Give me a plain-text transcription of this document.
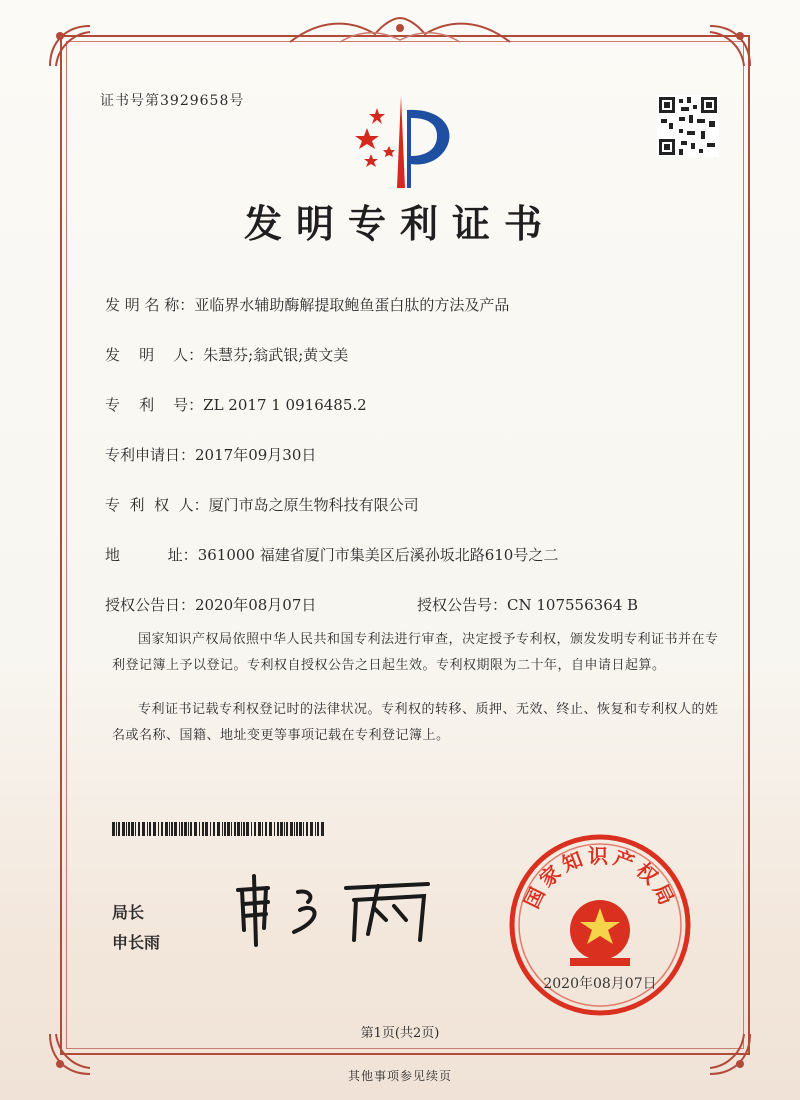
证书号第3929658号
发明专利证书
发 明 名 称：亚临界水辅助酶解提取鲍鱼蛋白肽的方法及产品
发    明    人：朱慧芬;翁武银;黄文美
专    利    号：ZL 2017 1 0916485.2
专利申请日：2017年09月30日
专  利  权  人：厦门市岛之原生物科技有限公司
地          址：361000 福建省厦门市集美区后溪孙坂北路610号之二
授权公告日：2020年08月07日	授权公告号：CN 107556364 B
国家知识产权局依照中华人民共和国专利法进行审查，决定授予专利权，颁发发明专利证书并在专利登记簿上予以登记。专利权自授权公告之日起生效。专利权期限为二十年，自申请日起算。
专利证书记载专利权登记时的法律状况。专利权的转移、质押、无效、终止、恢复和专利权人的姓名或名称、国籍、地址变更等事项记载在专利登记簿上。
局长
申长雨
国家知识产权局
2020年08月07日
第1页(共2页)
其他事项参见续页
